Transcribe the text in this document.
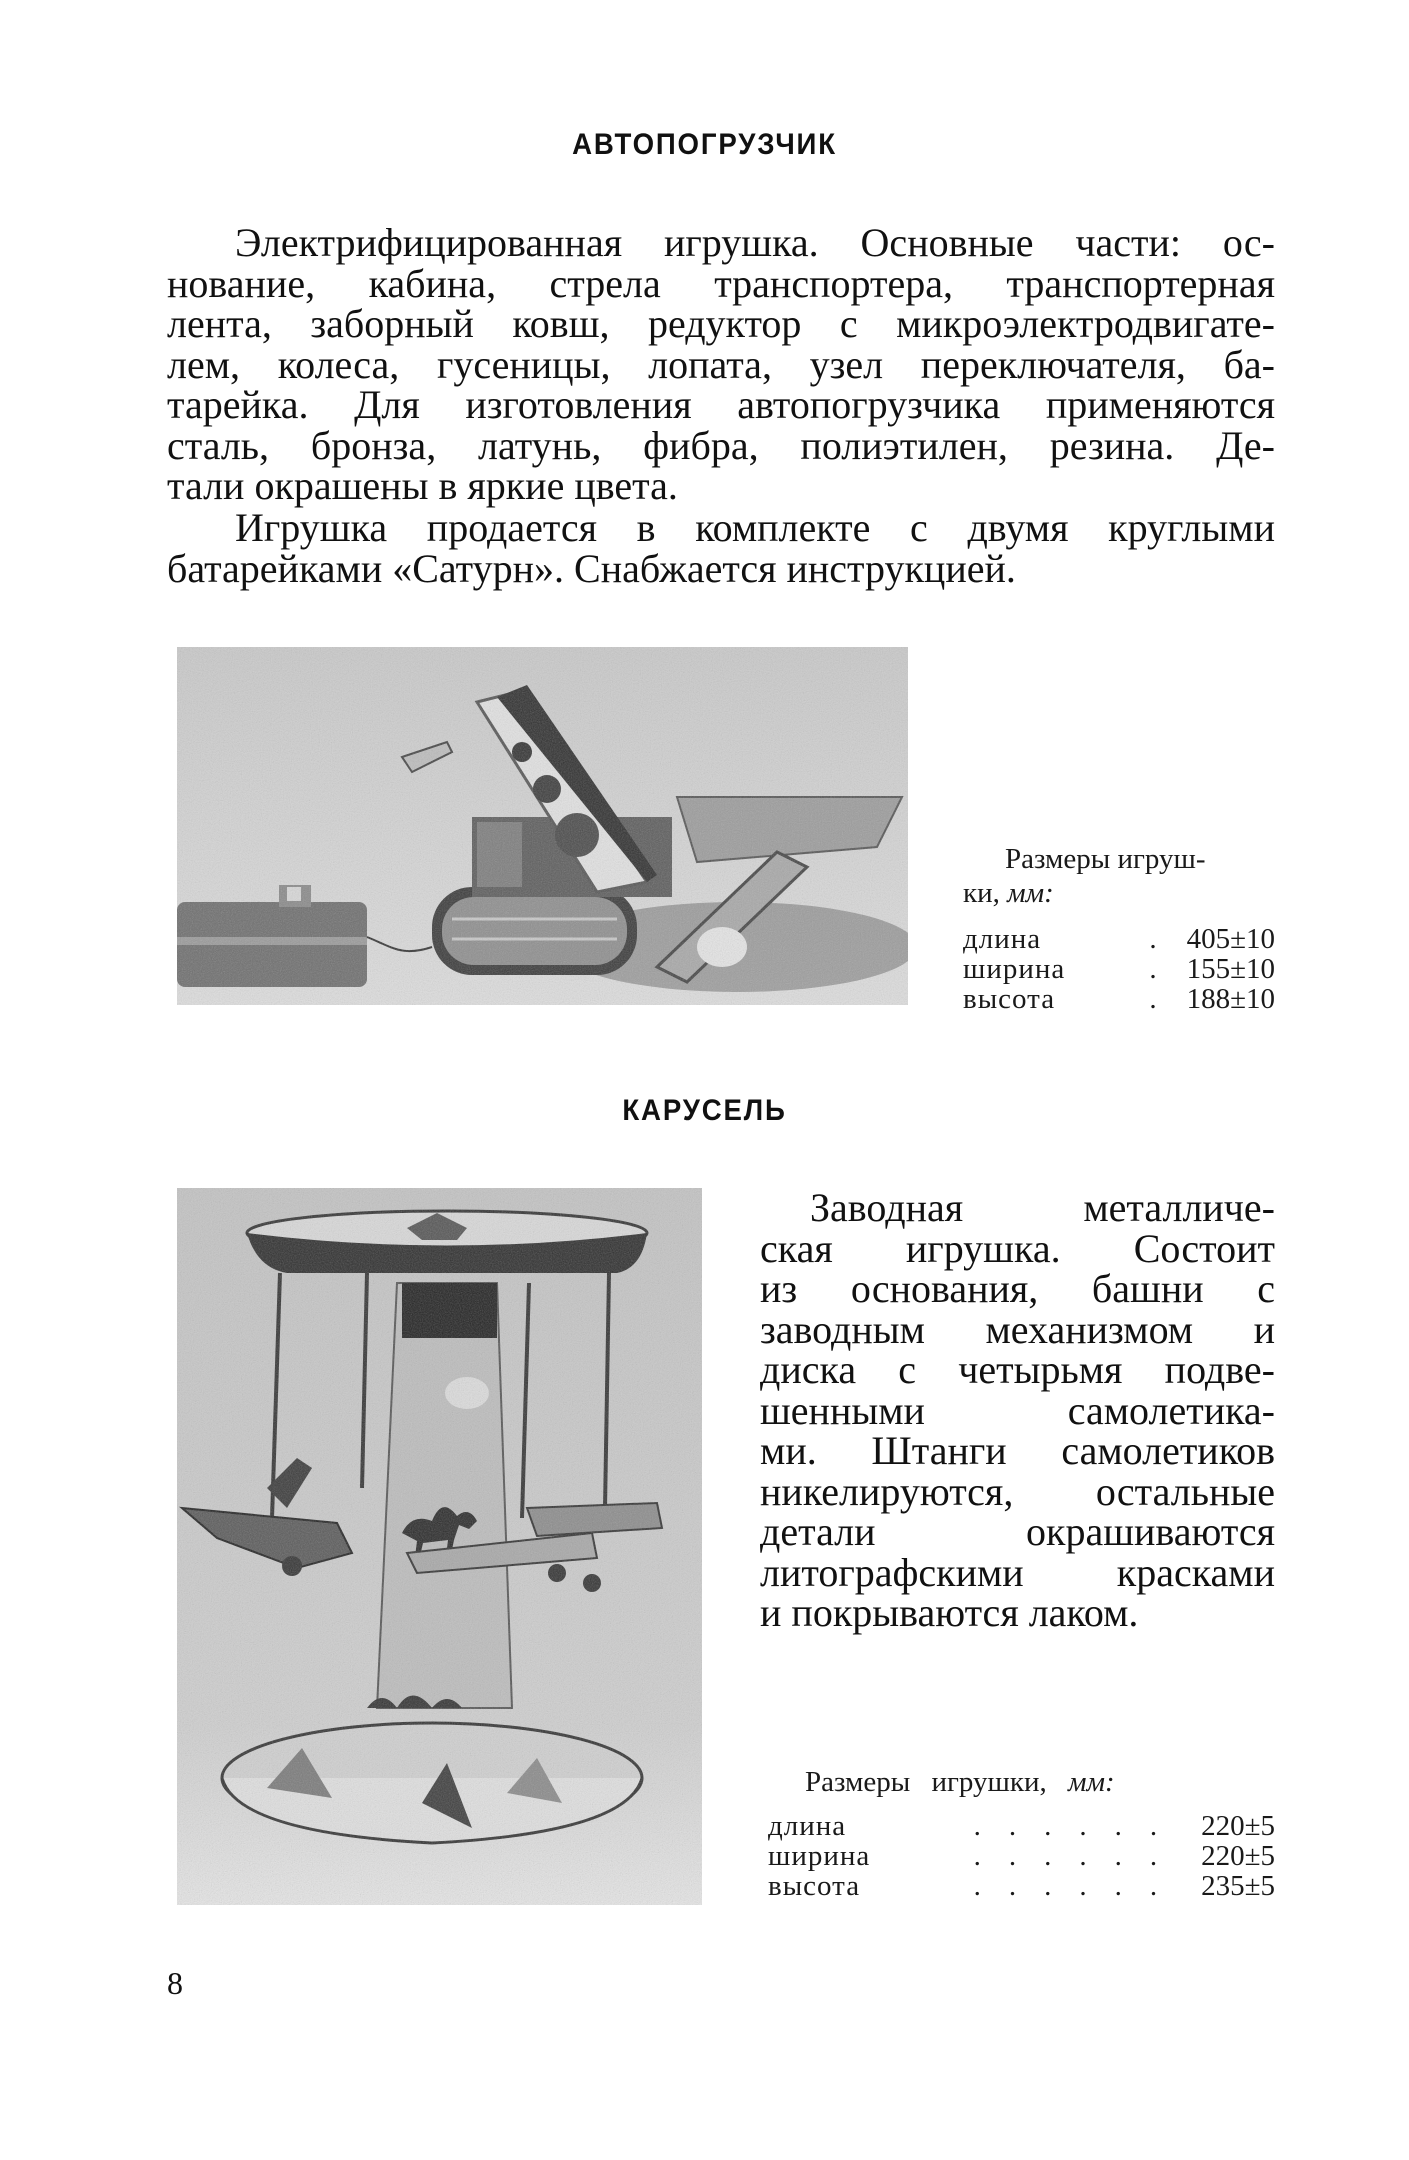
АВТОПОГРУЗЧИК
Электрифицированная игрушка. Основные части: ос-
нование, кабина, стрела транспортера, транспортерная
лента, заборный ковш, редуктор с микроэлектродвигате-
лем, колеса, гусеницы, лопата, узел переключателя, ба-
тарейка. Для изготовления автопогрузчика применяются
сталь, бронза, латунь, фибра, полиэтилен, резина. Де-
тали окрашены в яркие цвета.
Игрушка продается в комплекте с двумя круглыми
батарейками «Сатурн». Снабжается инструкцией.
Размеры игруш-
ки, мм:
длина	. 405±10
ширина	. 155±10
высота	. 188±10
КАРУСЕЛЬ
Заводная металличе-
ская игрушка. Состоит
из основания, башни с
заводным механизмом и
диска с четырьмя подве-
шенными самолетика-
ми. Штанги самолетиков
никелируются, остальные
детали окрашиваются
литографскими красками
и покрываются лаком.
Размеры игрушки, мм:
длина	...... 220±5
ширина	...... 220±5
высота	...... 235±5
8
